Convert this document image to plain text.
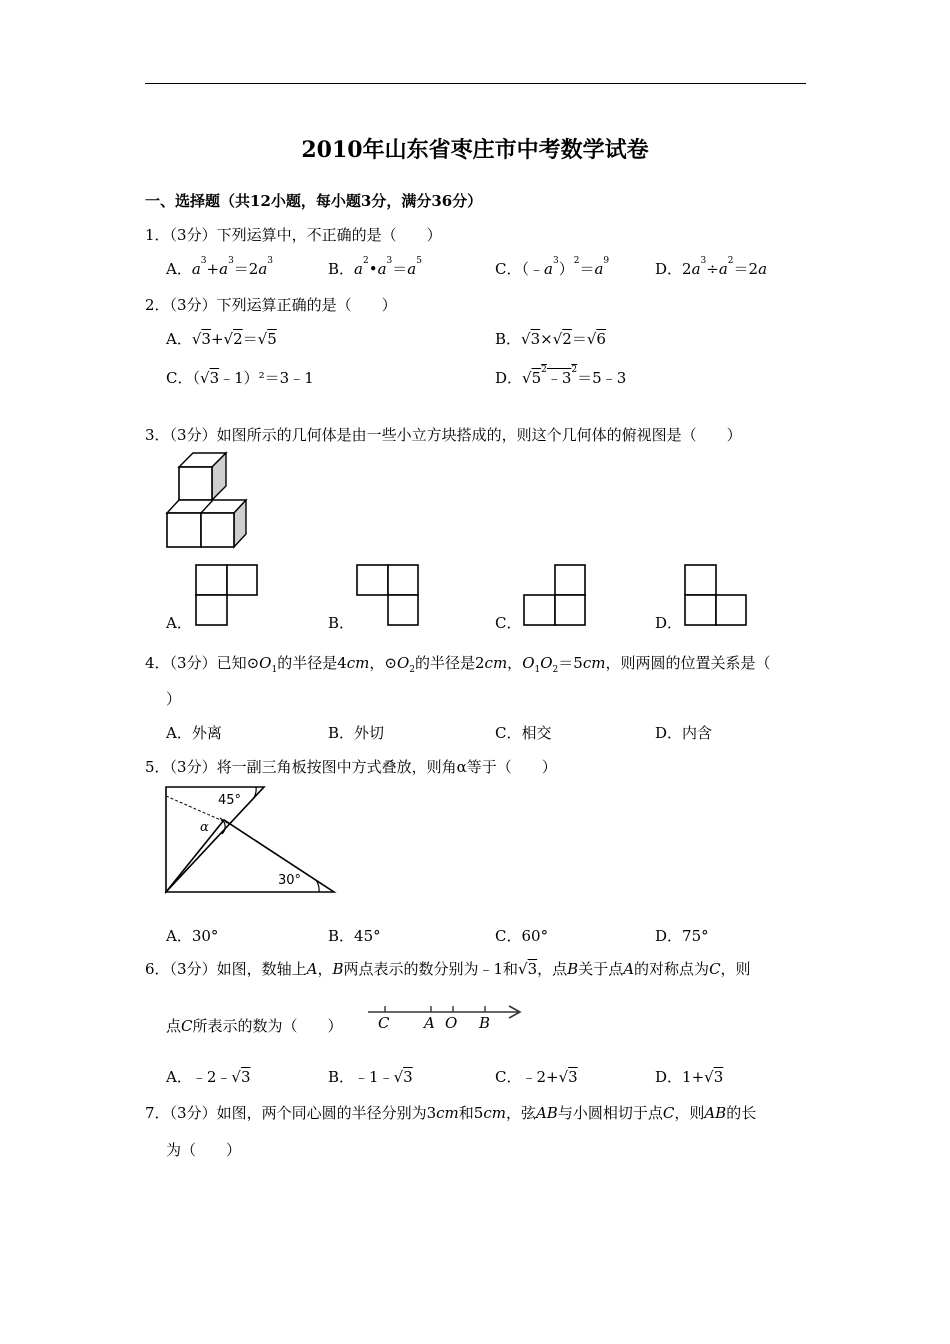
2010年山东省枣庄市中考数学试卷
一、选择题（共12小题，每小题3分，满分36分）
1．（3分）下列运算中，不正确的是（　　）
A．$a^3+a^3=2a^3$	B．$a^2•a^3=a^5$	C．$(﹣a^3)^2=a^9$	D．$2a^3\div a^2=2a$
2．（3分）下列运算正确的是（　　）
A．√3+√2＝√5	B．√3×√2＝√6
C．（√3﹣1）²＝3﹣1	D．$√5^2﹣3^2=5﹣3$
3．（3分）如图所示的几何体是由一些小立方块搭成的，则这个几何体的俯视图是（　　）
A．	B．	C．	D．
4．（3分）已知$⊙O_1$的半径是4cm，$⊙O_2$的半径是2cm，$O_1O_2=5cm$，则两圆的位置关系是（
）
A．外离	B．外切	C．相交	D．内含
5．（3分）将一副三角板按图中方式叠放，则角α等于（　　）
45°
α
30°
A．30°	B．45°	C．60°	D．75°
6．（3分）如图，数轴上A，B两点表示的数分别为﹣1和√3，点B关于点A的对称点为C，则
点C所表示的数为（　　） C A O B
A．﹣2﹣√3	B．﹣1﹣√3	C．﹣2+√3	D．1+√3
7．（3分）如图，两个同心圆的半径分别为3cm和5cm，弦AB与小圆相切于点C，则AB的长
为（　　）
